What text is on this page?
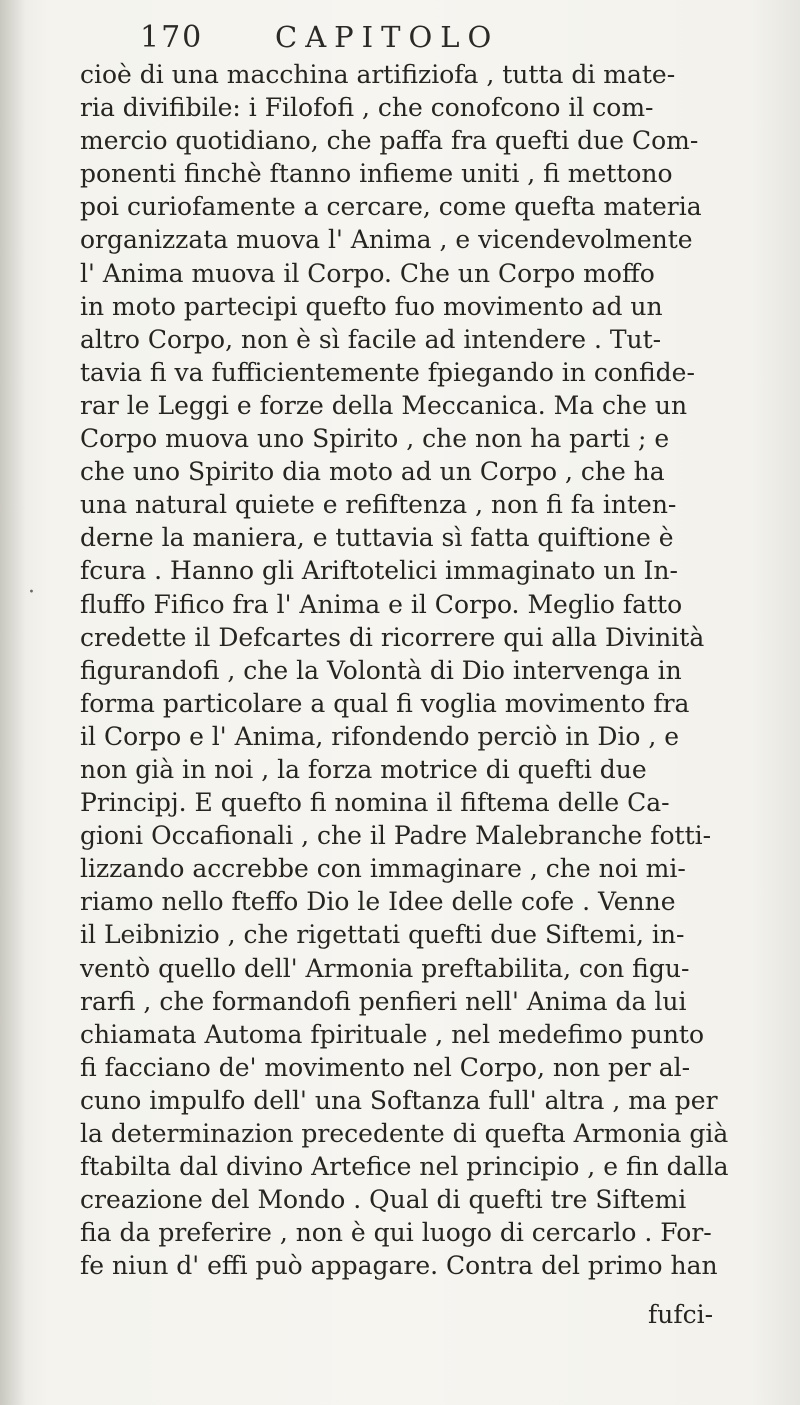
·
170 CAPITOLO
cioè di una macchina artifiziofa , tutta di mate-
ria divifibile: i Filofofi , che conofcono il com-
mercio quotidiano, che paffa fra quefti due Com-
ponenti finchè ftanno infieme uniti , fi mettono
poi curiofamente a cercare, come quefta materia
organizzata muova l' Anima , e vicendevolmente
l' Anima muova il Corpo. Che un Corpo moffo
in moto partecipi quefto fuo movimento ad un
altro Corpo, non è sì facile ad intendere . Tut-
tavia fi va fufficientemente fpiegando in confide-
rar le Leggi e forze della Meccanica. Ma che un
Corpo muova uno Spirito , che non ha parti ; e
che uno Spirito dia moto ad un Corpo , che ha
una natural quiete e refiftenza , non fi fa inten-
derne la maniera, e tuttavia sì fatta quiftione è
fcura . Hanno gli Ariftotelici immaginato un In-
fluffo Fifico fra l' Anima e il Corpo. Meglio fatto
credette il Defcartes di ricorrere qui alla Divinità
figurandofi , che la Volontà di Dio intervenga in
forma particolare a qual fi voglia movimento fra
il Corpo e l' Anima, rifondendo perciò in Dio , e
non già in noi , la forza motrice di quefti due
Principj. E quefto fi nomina il fiftema delle Ca-
gioni Occafionali , che il Padre Malebranche fotti-
lizzando accrebbe con immaginare , che noi mi-
riamo nello fteffo Dio le Idee delle cofe . Venne
il Leibnizio , che rigettati quefti due Siftemi, in-
ventò quello dell' Armonia preftabilita, con figu-
rarfi , che formandofi penfieri nell' Anima da lui
chiamata Automa fpirituale , nel medefimo punto
fi facciano de' movimento nel Corpo, non per al-
cuno impulfo dell' una Softanza full' altra , ma per
la determinazion precedente di quefta Armonia già
ftabilta dal divino Artefice nel principio , e fin dalla
creazione del Mondo . Qual di quefti tre Siftemi
fia da preferire , non è qui luogo di cercarlo . For-
fe niun d' effi può appagare. Contra del primo han
fufci-
